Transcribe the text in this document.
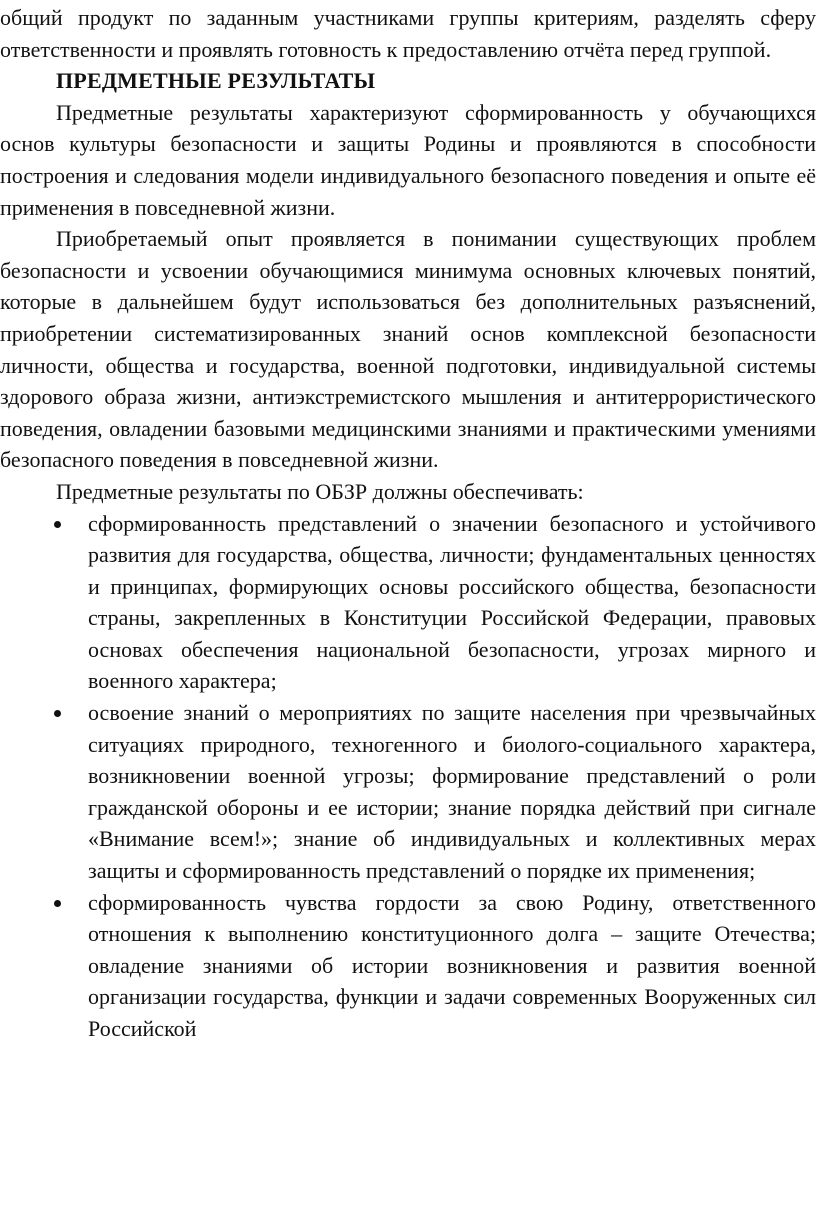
общий продукт по заданным участниками группы критериям, разделять сферу ответственности и проявлять готовность к предоставлению отчёта перед группой.

ПРЕДМЕТНЫЕ РЕЗУЛЬТАТЫ

Предметные результаты характеризуют сформированность у обучающихся основ культуры безопасности и защиты Родины и проявляются в способности построения и следования модели индивидуального безопасного поведения и опыте её применения в повседневной жизни.

Приобретаемый опыт проявляется в понимании существующих проблем безопасности и усвоении обучающимися минимума основных ключевых понятий, которые в дальнейшем будут использоваться без дополнительных разъяснений, приобретении систематизированных знаний основ комплексной безопасности личности, общества и государства, военной подготовки, индивидуальной системы здорового образа жизни, антиэкстремистского мышления и антитеррористического поведения, овладении базовыми медицинскими знаниями и практическими умениями безопасного поведения в повседневной жизни.

Предметные результаты по ОБЗР должны обеспечивать:

сформированность представлений о значении безопасного и устойчивого развития для государства, общества, личности; фундаментальных ценностях и принципах, формирующих основы российского общества, безопасности страны, закрепленных в Конституции Российской Федерации, правовых основах обеспечения национальной безопасности, угрозах мирного и военного характера;
освоение знаний о мероприятиях по защите населения при чрезвычайных ситуациях природного, техногенного и биолого-социального характера, возникновении военной угрозы; формирование представлений о роли гражданской обороны и ее истории; знание порядка действий при сигнале «Внимание всем!»; знание об индивидуальных и коллективных мерах защиты и сформированность представлений о порядке их применения;
сформированность чувства гордости за свою Родину, ответственного отношения к выполнению конституционного долга – защите Отечества; овладение знаниями об истории возникновения и развития военной организации государства, функции и задачи современных Вооруженных сил Российской
